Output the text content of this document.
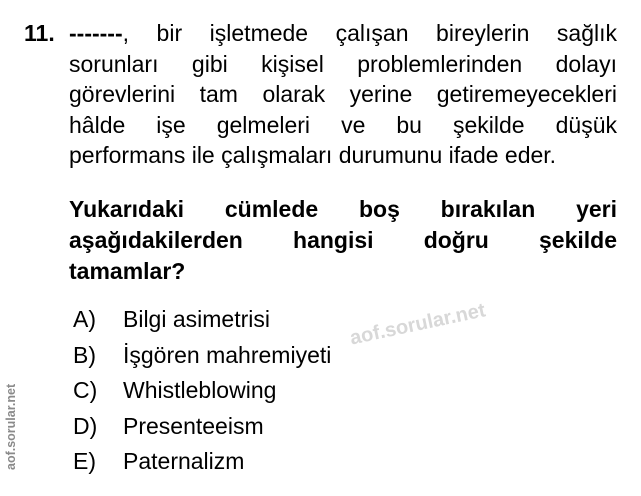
11. -------, bir işletmede çalışan bireylerin sağlık
sorunları gibi kişisel problemlerinden dolayı
görevlerini tam olarak yerine getiremeyecekleri
hâlde işe gelmeleri ve bu şekilde düşük
performans ile çalışmaları durumunu ifade eder.
Yukarıdaki cümlede boş bırakılan yeri
aşağıdakilerden hangisi doğru şekilde
tamamlar?
A)	Bilgi asimetrisi
B)	İşgören mahremiyeti
C)	Whistleblowing
D)	Presenteeism
E)	Paternalizm
aof.sorular.net
aof.sorular.net
